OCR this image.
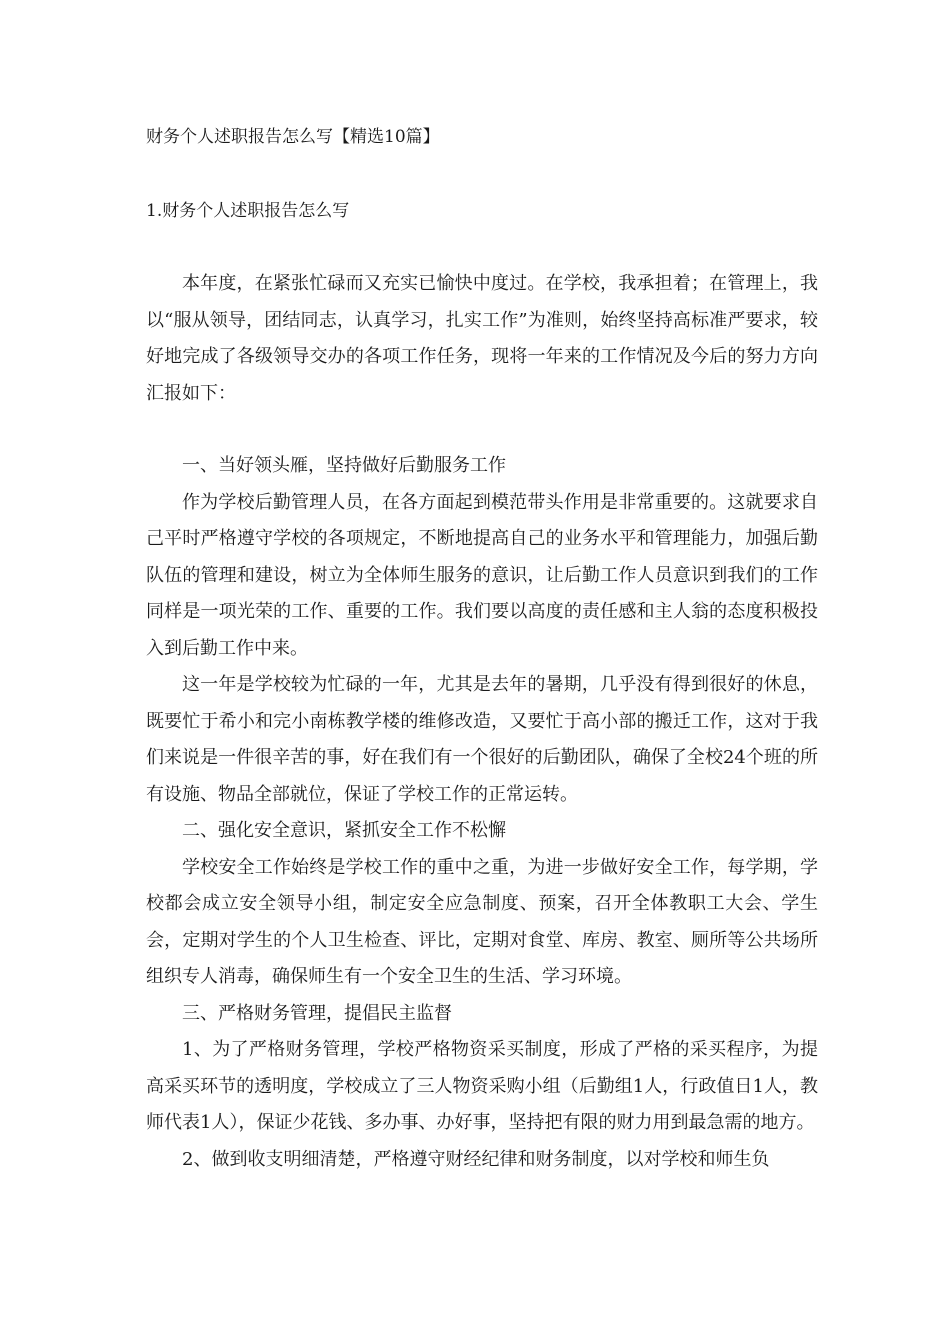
财务个人述职报告怎么写【精选10篇】
1.财务个人述职报告怎么写

本年度，在紧张忙碌而又充实已愉快中度过。在学校，我承担着；在管理上，我以“服从领导，团结同志，认真学习，扎实工作”为准则，始终坚持高标准严要求，较好地完成了各级领导交办的各项工作任务，现将一年来的工作情况及今后的努力方向汇报如下：

一、当好领头雁，坚持做好后勤服务工作

作为学校后勤管理人员，在各方面起到模范带头作用是非常重要的。这就要求自己平时严格遵守学校的各项规定，不断地提高自己的业务水平和管理能力，加强后勤队伍的管理和建设，树立为全体师生服务的意识，让后勤工作人员意识到我们的工作同样是一项光荣的工作、重要的工作。我们要以高度的责任感和主人翁的态度积极投入到后勤工作中来。

这一年是学校较为忙碌的一年，尤其是去年的暑期，几乎没有得到很好的休息，既要忙于希小和完小南栋教学楼的维修改造，又要忙于高小部的搬迁工作，这对于我们来说是一件很辛苦的事，好在我们有一个很好的后勤团队，确保了全校24个班的所有设施、物品全部就位，保证了学校工作的正常运转。

二、强化安全意识，紧抓安全工作不松懈

学校安全工作始终是学校工作的重中之重，为进一步做好安全工作，每学期，学校都会成立安全领导小组，制定安全应急制度、预案，召开全体教职工大会、学生会，定期对学生的个人卫生检查、评比，定期对食堂、库房、教室、厕所等公共场所组织专人消毒，确保师生有一个安全卫生的生活、学习环境。

三、严格财务管理，提倡民主监督

1、为了严格财务管理，学校严格物资采买制度，形成了严格的采买程序，为提高采买环节的透明度，学校成立了三人物资采购小组（后勤组1人，行政值日1人，教师代表1人），保证少花钱、多办事、办好事，坚持把有限的财力用到最急需的地方。

2、做到收支明细清楚，严格遵守财经纪律和财务制度，以对学校和师生负
